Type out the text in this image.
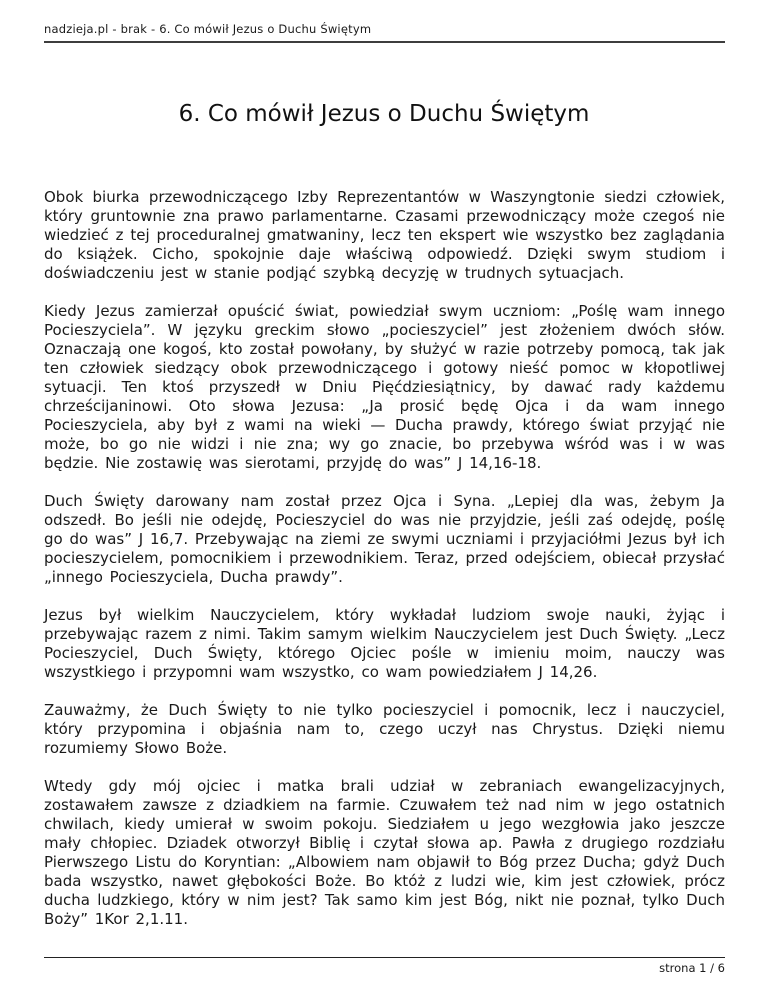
nadzieja.pl - brak - 6. Co mówił Jezus o Duchu Świętym
6. Co mówił Jezus o Duchu Świętym

Obok biurka przewodniczącego Izby Reprezentantów w Waszyngtonie siedzi człowiek, który gruntownie zna prawo parlamentarne. Czasami przewodniczący może czegoś nie wiedzieć z tej proceduralnej gmatwaniny, lecz ten ekspert wie wszystko bez zaglądania do książek. Cicho, spokojnie daje właściwą odpowiedź. Dzięki swym studiom i doświadczeniu jest w stanie podjąć szybką decyzję w trudnych sytuacjach.

Kiedy Jezus zamierzał opuścić świat, powiedział swym uczniom: „Poślę wam innego Pocieszyciela”. W języku greckim słowo „pocieszyciel” jest złożeniem dwóch słów. Oznaczają one kogoś, kto został powołany, by służyć w razie potrzeby pomocą, tak jak ten człowiek siedzący obok przewodniczącego i gotowy nieść pomoc w kłopotliwej sytuacji. Ten ktoś przyszedł w Dniu Pięćdziesiątnicy, by dawać rady każdemu chrześcijaninowi. Oto słowa Jezusa: „Ja prosić będę Ojca i da wam innego Pocieszyciela, aby był z wami na wieki — Ducha prawdy, którego świat przyjąć nie może, bo go nie widzi i nie zna; wy go znacie, bo przebywa wśród was i w was będzie. Nie zostawię was sierotami, przyjdę do was” J 14,16-18.

Duch Święty darowany nam został przez Ojca i Syna. „Lepiej dla was, żebym Ja odszedł. Bo jeśli nie odejdę, Pocieszyciel do was nie przyjdzie, jeśli zaś odejdę, poślę go do was” J 16,7. Przebywając na ziemi ze swymi uczniami i przyjaciółmi Jezus był ich pocieszycielem, pomocnikiem i przewodnikiem. Teraz, przed odejściem, obiecał przysłać „innego Pocieszyciela, Ducha prawdy”.

Jezus był wielkim Nauczycielem, który wykładał ludziom swoje nauki, żyjąc i przebywając razem z nimi. Takim samym wielkim Nauczycielem jest Duch Święty. „Lecz Pocieszyciel, Duch Święty, którego Ojciec pośle w imieniu moim, nauczy was wszystkiego i przypomni wam wszystko, co wam powiedziałem J 14,26.

Zauważmy, że Duch Święty to nie tylko pocieszyciel i pomocnik, lecz i nauczyciel, który przypomina i objaśnia nam to, czego uczył nas Chrystus. Dzięki niemu rozumiemy Słowo Boże.

Wtedy gdy mój ojciec i matka brali udział w zebraniach ewangelizacyjnych, zostawałem zawsze z dziadkiem na farmie. Czuwałem też nad nim w jego ostatnich chwilach, kiedy umierał w swoim pokoju. Siedziałem u jego wezgłowia jako jeszcze mały chłopiec. Dziadek otworzył Biblię i czytał słowa ap. Pawła z drugiego rozdziału Pierwszego Listu do Koryntian: „Albowiem nam objawił to Bóg przez Ducha; gdyż Duch bada wszystko, nawet głębokości Boże. Bo któż z ludzi wie, kim jest człowiek, prócz ducha ludzkiego, który w nim jest? Tak samo kim jest Bóg, nikt nie poznał, tylko Duch Boży” 1Kor 2,1.11.

strona 1 / 6
